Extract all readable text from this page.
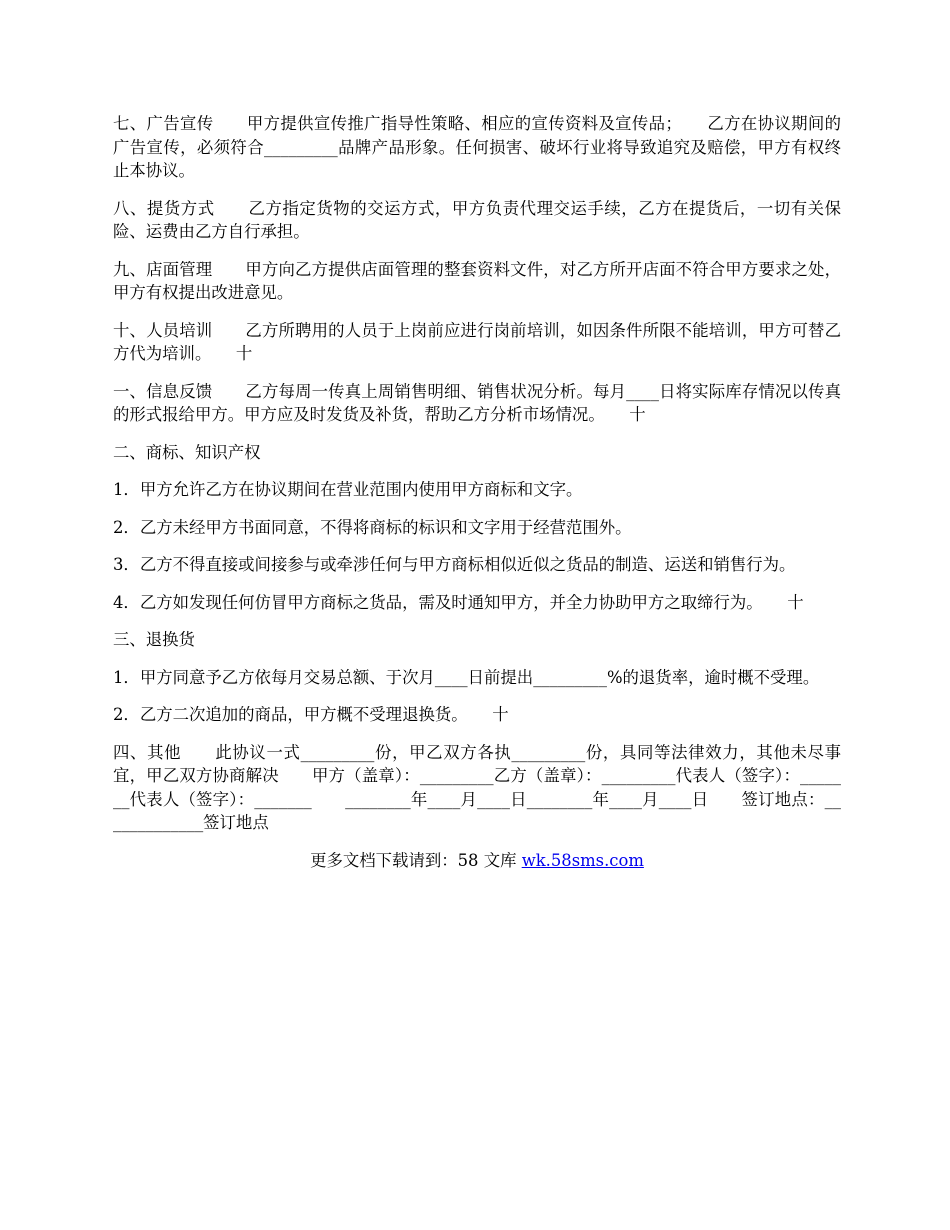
七、广告宣传　　甲方提供宣传推广指导性策略、相应的宣传资料及宣传品；　　乙方在协议期间的广告宣传，必须符合_________品牌产品形象。任何损害、破坏行业将导致追究及赔偿，甲方有权终止本协议。

八、提货方式　　乙方指定货物的交运方式，甲方负责代理交运手续，乙方在提货后，一切有关保险、运费由乙方自行承担。

九、店面管理　　甲方向乙方提供店面管理的整套资料文件，对乙方所开店面不符合甲方要求之处，甲方有权提出改进意见。

十、人员培训　　乙方所聘用的人员于上岗前应进行岗前培训，如因条件所限不能培训，甲方可替乙方代为培训。　　十

一、信息反馈　　乙方每周一传真上周销售明细、销售状况分析。每月____日将实际库存情况以传真的形式报给甲方。甲方应及时发货及补货，帮助乙方分析市场情况。　　十

二、商标、知识产权

1．甲方允许乙方在协议期间在营业范围内使用甲方商标和文字。

2．乙方未经甲方书面同意，不得将商标的标识和文字用于经营范围外。

3．乙方不得直接或间接参与或牵涉任何与甲方商标相似近似之货品的制造、运送和销售行为。

4．乙方如发现任何仿冒甲方商标之货品，需及时通知甲方，并全力协助甲方之取缔行为。　　十

三、退换货

1．甲方同意予乙方依每月交易总额、于次月____日前提出_________%的退货率，逾时概不受理。

2．乙方二次追加的商品，甲方概不受理退换货。　　十

四、其他　　此协议一式_________份，甲乙双方各执_________份，具同等法律效力，其他未尽事宜，甲乙双方协商解决　　甲方（盖章）：_________乙方（盖章）：_________代表人（签字）：_______代表人（签字）：_______　　________年____月____日________年____月____日　　签订地点：_____________签订地点

更多文档下载请到：58 文库 wk.58sms.com
